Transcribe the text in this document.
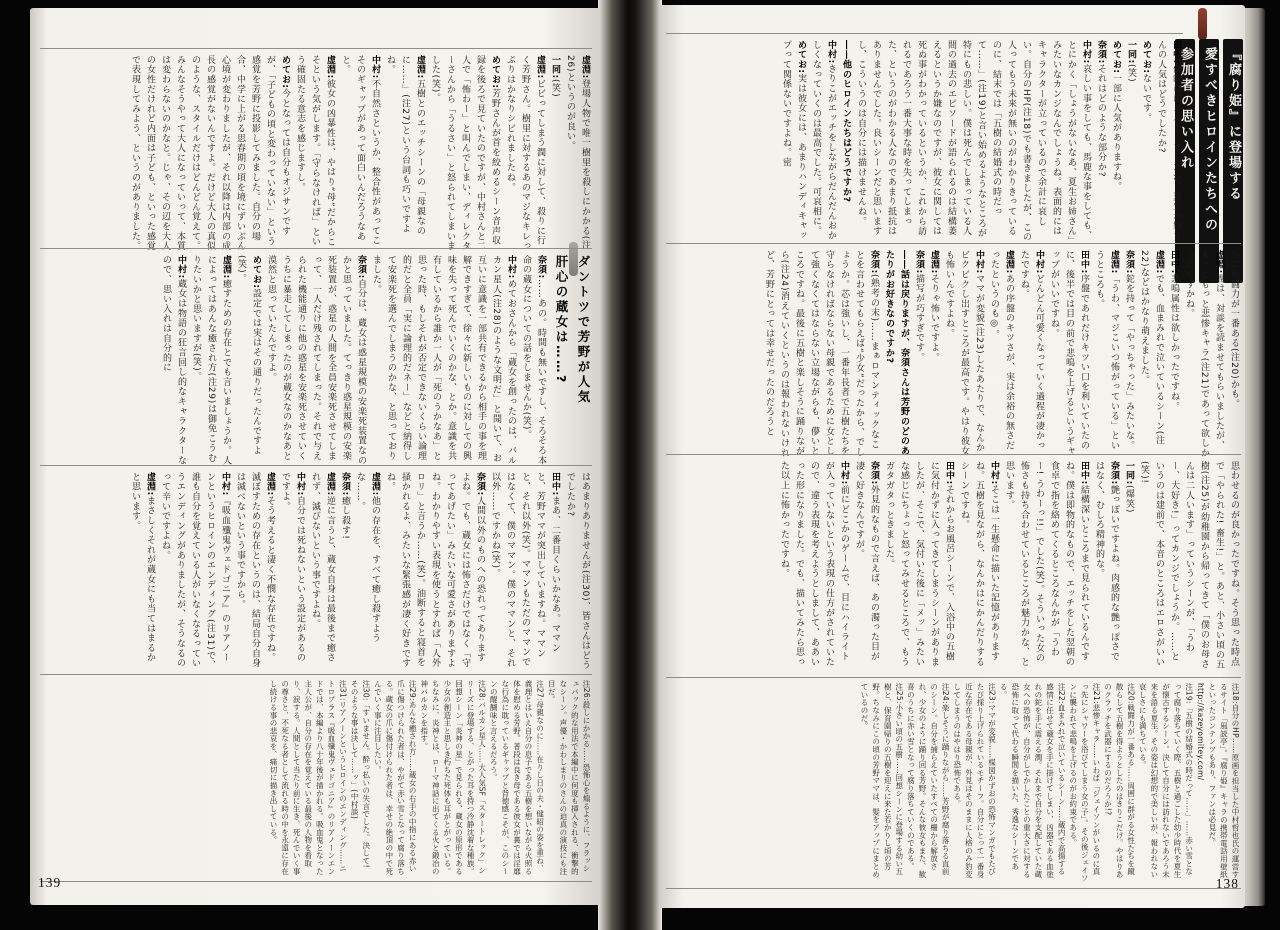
虚淵:登場人物で唯一樹里を殺しにかかる(注26)というのが良い。

一同:(笑)

虚淵:ビビってしまう潤に対して、殺りに行く芳野さん。樹里に対するあのマジなキレっぷりはかなりシビれましたね。

めてお:芳野さんが首を絞めるシーン音声収録を後ろで見ていたのですが、中村さんと二人で「怖わー」と叫んでしまい、ディレクターさんから「うるさい」と怒られてしまいました(笑)。

虚淵:五樹とのエッチシーンの「母親なのに……」(注27)という台詞も巧いですよね。

中村:不自然さというか、整合性があってこそのギャップがあって面白いんだろうなあと。

虚淵:彼女の凶暴性は、やはり“母”だからこそという気がします。「守らなければ」という確固たる意志を感じますし。

めてお:今となっては自分もオジサンですが、「子どもの頃と変わっていない」という感覚を芳野に投影してみました。自分の場合、中学に上がる思春期の頃を境にずいぶん心境が変わりましたが、それ以降は内部の成長の感覚がないんですよ。だけど大人の真似のような、スタイルだけはどんどん覚えて。みんなそうやって大人になっていって、本質は変わらないのかなと。じゃ、その辺を大人の女性だけれど内面は子ども、といった感覚で表現してみよう、というのがありました。

ダントツで芳野が人気

肝心の蔵女は……?

奈須:……あの。時間も無いですし、そろそろ本命の蔵女についての話をしませんか(笑)。

中村:めておさんから「蔵女を創ったのは、バルカン星人(注28)のような文明だ」と聞いて、お互いに意識を一部共有できるから相手の事を理解できすぎて、徐々に新しいものに対しての興味を失って死んでいくのかな、とか。意識を共有しているから誰か一人が「死のうかなあ」と思った時、もしそれが否定できないくらい論理的だと全員「実に論理的だネー」などと納得して安楽死を選んでしまうのかな、と思っておりました。

奈須:自分は、蔵女は惑星規模の安楽死装置なのかと思っていました。てっきり惑星規模の安楽死装置が、惑星の人間を全員安楽死させてしまって、一人だけ残されてしまった。それで与えられた機能通りに他の惑星を安楽死させていくうちに暴走してしまったのが蔵女なのかなあと漠然と思っていたんですよ。

めてお:設定では実はその通りだったんですよ(笑)。

虚淵:癒すための存在とでも言いましょうか。人によってはあんな癒され方(注29)は御免こうむりたいかと思いますが(笑)。

中村:蔵女は物語の狂言回し的なキャラクターなので、思い入れは自分的に

はあまりありませんが(注30)、皆さんはどうでしたか?

田中:まあ、二番目くらいかなあ。ママンと、芳野ママが突出していますね。ママンと、それ以外(笑)。ママンもただのママンではなくて、僕のママン。僕のママンと、それ以外……ですかね(笑)。

奈須:人間以外のものへの恐れってありますよね。でも、蔵女には怖さだけではなく「守ってあげたい」みたいな可愛さがありますよね。わかりやすい表現を使うとすれば「人外ロリ」と言うか……(笑)。油断すると寝首を掻かれるよ、みたいな緊張感が凄く好きですね。

虚淵:他の存在を、すべて癒し殺すような……。

奈須:癒し殺す!

虚淵:逆に言うと、蔵女自身は最後まで癒されず、滅びないという事ですよね。

中村:自分では死ねないという設定があるのですよ。

虚淵:そう考えると凄く不憫な存在ですね。滅ぼすための存在というのは、結局自分自身は滅べないという事ですから。

中村:『吸血殲鬼ヴェドゴニア』のリアノーンというヒロインのエンディング(注31)で、誰も自分を覚えている人がいなくなるっていうエンディングがありましたが、そうなるのって辛いですよね。

虚淵:まさしくそれが蔵女にも当てはまるかと思います。

注26:殺しにかかる……恐怖心を煽るように、フラッシュバック的な用法で本編中に何度も挿入される、衝撃的なシーン。声優・かわしまりのさんの迫真の演技にも注目だ。

注27:母親なのに……在りし日の夫・健昭の姿を重ね、義理とはいえ自分の息子である五樹を想いながら火照る体を慰める芳野。普段は良き母である彼女が裏では淫靡な行為に耽っているギャップと背徳感こそが、このシーンの醍醐味と言えるだろう。

注28:バルカン星人……大人気SF「スタートレック」シリーズに登場する、とがった耳を持つ冷静沈着な種族。回想シーン「炎神の星」で見られる、蔵女の原形である少女の創造主と思しき朽ちた死体も耳がとがっている。ちなみに、炎神とは、ローマ神話に出てくる火と鍛冶の神バルカンを指す。

注29:あんな癒され方……蔵女の右手の中指にある赤い爪に傷つけられた者は、やがて赤い雪となって腐り落ちる。蔵女の爪に傷付けられた者は、幸せの絶頂の中で死んでいく事に注目したい。

注30:「すいません。酔っ払いの失言でした。決して! そのような事は決して……ッ」(中村談)

注31:リアノーンというヒロインのエンディング……ニトロプラス『吸血殲鬼ヴェドゴニア』のリアノーンエンドでは、本編より八十年後が描かれる。吸血鬼となった主人公が、自分の存在を覚えている最後の人物を看取り、涙する。人間として当たり前に生き、死んでいく事の尊さと、不死なる者として流れる時の中を永遠に存在し続ける事の悲哀を、痛切に描き出している。

139

『腐り姫』に登場する

愛すべきヒロインたちへの

参加者の思い入れ

田中:僕的にはスルーしましたが、夏生お姉さんの人気はどうでしたか?

めてお:ないです。

一同:(笑)

めてお:一部に人気がありますね。

奈須:それはどのような部分か?

中村:哀しい事をしても、馬鹿な事をしても、とにかく「しょうがないなあ、夏生お姉さん」みたいなカンジなんでしょうね。表面的にはキャラクターが立っているので余計に哀しい。自分のHP(注18)でも書きましたが、この人ってもう未来が無いのがわかりきっているのに、結末では「五樹の結婚式の時だって……」(注19)と言い始めるようなところが特にもの悲しい。僕は死んでしまっている人間の過去のエピソードが語られるのは結構萎えるというか嫌なのですが、彼女に関しては死ぬ事がわかっているというか、これから訪れるであろう一番大事な時を失ってしまった、というのがわかる人なのであまり抵抗はありませんでした。良いシーンだと思いますし、こういうのは自分には描けませんね。

――他のヒロインたちはどうですか?

中村:きりこがエッチをしながらだんだんおかしくなっていくのは最高でした。可哀相に。

めてお:実は彼女には、あまりハンディキャップって関係ないですよね。密

かに戦闘力が一番ある(注20)かも。

虚淵:潤は、対談を読ませてもらいましたが、もっともっと悲惨キャラ(注21)であって欲しかったですかね。

田中:悲鳴属性は欲しかったですね。

虚淵:でも、血まみれで泣いているシーン(注22)などはかなり萌えました。

奈須:鉈を持って「やっちゃった」みたいな。

虚淵:「うわ、マジこいつ怖がっている」というところも。

田中:序盤であれだけキツい口を利いていたのに、後半では目の前で悲鳴を上げるというギャップがいいですね。

中村:どんどん可愛くなっていく過程が凄かったですね。

虚淵:あの序盤のキツさが、実は余裕の無さだったというのも◎。

中村:ママが変貌(注23)したあたりで、なんかビクビクし出すところが最高です。やはり彼女も怖いんですよね。

虚淵:そりゃ怖いですよ。

奈須:描写が巧すぎです。

――話は戻りますが、奈須さんは芳野のどのあたりがお好きなのですか?

奈須:(熟考の末)……まぁロマンティックなことを言わせてもらえば“少女”だったから、でしょうか。芯は強いし、一番年長者で五樹たちを守らなければならない母親であるために女として強くなくてはならない立場ながらも、儚いところですね。最後に五樹と楽しそうに踊りながら(注24)消えていくというのは報われないけれど、芳野にとっては幸せだったのだろうと

思わせるのが良かったですね。そう思った時点で「やられた! 畜生!」と。あと、小さい頃の五樹(注25)が幼稚園から帰ってきて「僕のお母さんは二人います」っていうシーンが、「うわー、大好き!」ってカンジでしょうか。……というのは建前で、本音のところはエロさがいい(笑)!

一同:(爆笑)

奈須:艶っぽいですよね。肉感的な艶っぽさではなく、むしろ精神的な。

田中:結構深いところまで見られているんですね。僕は即物的なもので、エッチをした翌朝の食卓で指を絡めてくるところなんかが「うわー! うわーっ!!」でした(笑)。そういった女の怖さも持ち合わせているところが魅力かな、と思います。

中村:そこは一生懸命に描いた記憶がありますね。五樹を見ながら、なんかはにかんだりするシーンですね。

田中:それからお風呂シーンで、入浴中の五樹に気付かずに入ってきてしまうシーンがありましたが、そこで、気付いた後に「メッ」みたいな感じにちょっと怒ってみせるところで、もうガタガタっときました。

奈須:外見的なもので言えば、あの濁った目が凄く好きなんですが。

中村:前にどこかのゲームで、目にハイライトが入っていないという表現の仕方がされていたので、違う表現を考えようとしまして、ああいった形になりました。でも、描いてみたら思った以上に怖かったですね。

注18:自分のHP……原画を担当した中村哲也氏の運営するサイト「風読亭」。『腐り姫』キャラの携帯電話用壁紙といったコンテンツもあり、ファンは必見だ。http://kazeyomitey.com/

注19:「五樹の結婚式の時だって……」……赤い雪となって腐り落ちていく際、五樹と過ごした幼少時代を夏生が懐古するシーン。決して自分には訪れないであろう未来を語る夏生。その姿は幻想的で美しいが、報われない哀しさにも満ちている。

注20:戦闘力が一番ある……周囲に群がる女性たちを蹴散らして五樹を得ようとしたのはきりこだけ。やはりあのクラッチを武器にするのだろうか!?

注21:悲惨キャラ……いわば「ジェイソンがいるのに真っ先にシャワーを浴びてしまう女の子」。その後ジェイソンに襲われて悲鳴を上げるのがお約束である。

注22:血まみれで泣いているシーン……蔵内で高揚する感情に任せて蔵女を手に掛けてしまい、凶器である血塗れの鉈を手に震える潤。それまで自分を支配していた蔵女への恐怖が、自分がしでかしたことの重大さに対する恐怖に取って代わる瞬間を描いた、秀逸なシーンである。

注23:ママが変貌……楳図かずおの恐怖マンガでもたびたび採り上げられているモチーフ。自分にとって一番身近な存在である母親が、外見はそのままに人格のみ豹変してしまうのはやはり恐怖である。

注24:楽しそうに踊りながら……芳野が腐り落ちる直前のシーン。自分を捕らえていたすべての柵から解放され、少女のように踊り回る芳野。そんな彼女もまた、歓喜のうちに赤い雪となって腐り落ちていくのである。

注25:小さい頃の五樹……回想シーンに登場する幼い五樹と、保育園帰りの五樹を迎えに来た若かりし頃の芳野。ちなみにこの頃の芳野ママは、髪をアップにまとめているのだ。

138
